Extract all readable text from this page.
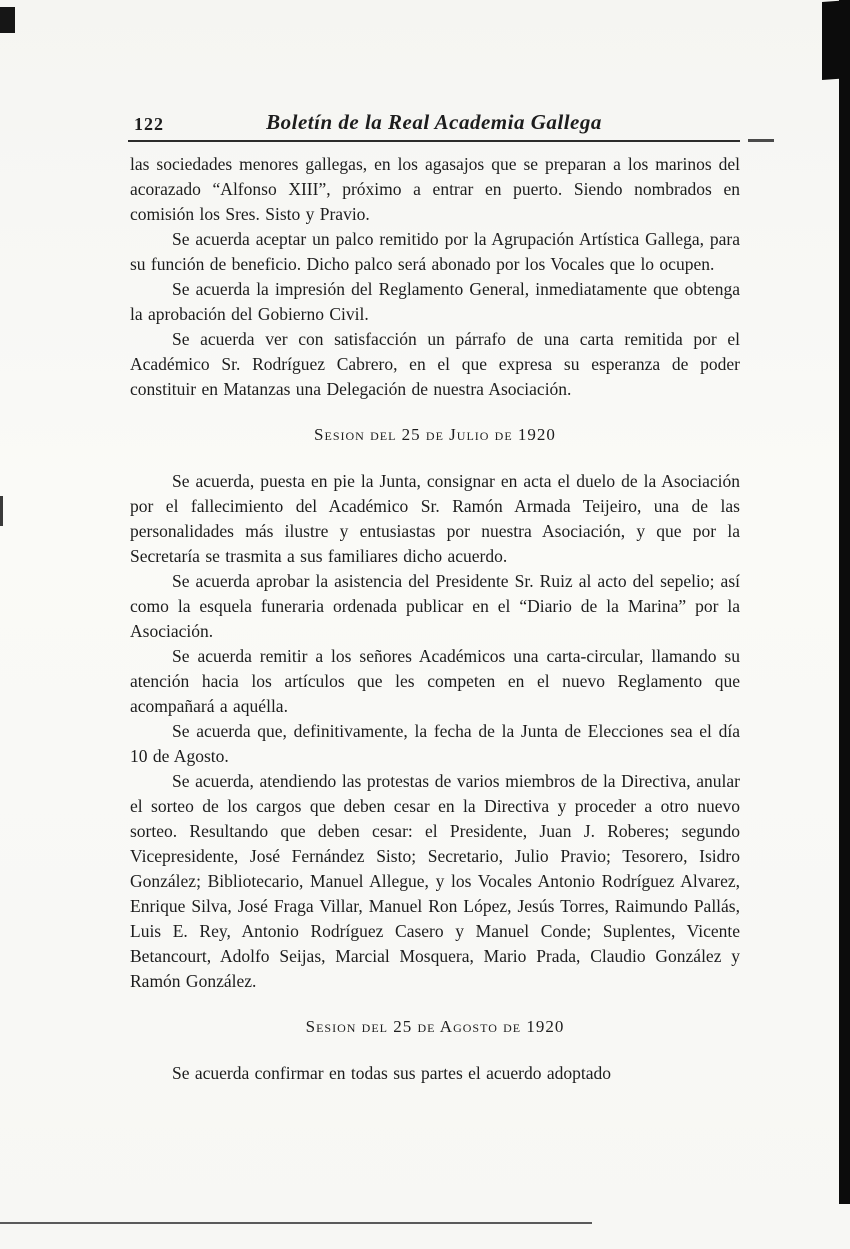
122	Boletín de la Real Academia Gallega

las sociedades menores gallegas, en los agasajos que se preparan a los marinos del acorazado “Alfonso XIII”, próximo a entrar en puerto. Siendo nombrados en comisión los Sres. Sisto y Pravio.

Se acuerda aceptar un palco remitido por la Agrupación Artística Gallega, para su función de beneficio. Dicho palco será abonado por los Vocales que lo ocupen.

Se acuerda la impresión del Reglamento General, inmediatamente que obtenga la aprobación del Gobierno Civil.

Se acuerda ver con satisfacción un párrafo de una carta remitida por el Académico Sr. Rodríguez Cabrero, en el que expresa su esperanza de poder constituir en Matanzas una Delegación de nuestra Asociación.

Sesion del 25 de Julio de 1920

Se acuerda, puesta en pie la Junta, consignar en acta el duelo de la Asociación por el fallecimiento del Académico Sr. Ramón Armada Teijeiro, una de las personalidades más ilustre y entusiastas por nuestra Asociación, y que por la Secretaría se trasmita a sus familiares dicho acuerdo.

Se acuerda aprobar la asistencia del Presidente Sr. Ruiz al acto del sepelio; así como la esquela funeraria ordenada publicar en el “Diario de la Marina” por la Asociación.

Se acuerda remitir a los señores Académicos una carta-circular, llamando su atención hacia los artículos que les competen en el nuevo Reglamento que acompañará a aquélla.

Se acuerda que, definitivamente, la fecha de la Junta de Elecciones sea el día 10 de Agosto.

Se acuerda, atendiendo las protestas de varios miembros de la Directiva, anular el sorteo de los cargos que deben cesar en la Directiva y proceder a otro nuevo sorteo. Resultando que deben cesar: el Presidente, Juan J. Roberes; segundo Vicepresidente, José Fernández Sisto; Secretario, Julio Pravio; Tesorero, Isidro González; Bibliotecario, Manuel Allegue, y los Vocales Antonio Rodríguez Alvarez, Enrique Silva, José Fraga Villar, Manuel Ron López, Jesús Torres, Raimundo Pallás, Luis E. Rey, Antonio Rodríguez Casero y Manuel Conde; Suplentes, Vicente Betancourt, Adolfo Seijas, Marcial Mosquera, Mario Prada, Claudio González y Ramón González.

Sesion del 25 de Agosto de 1920

Se acuerda confirmar en todas sus partes el acuerdo adoptado
